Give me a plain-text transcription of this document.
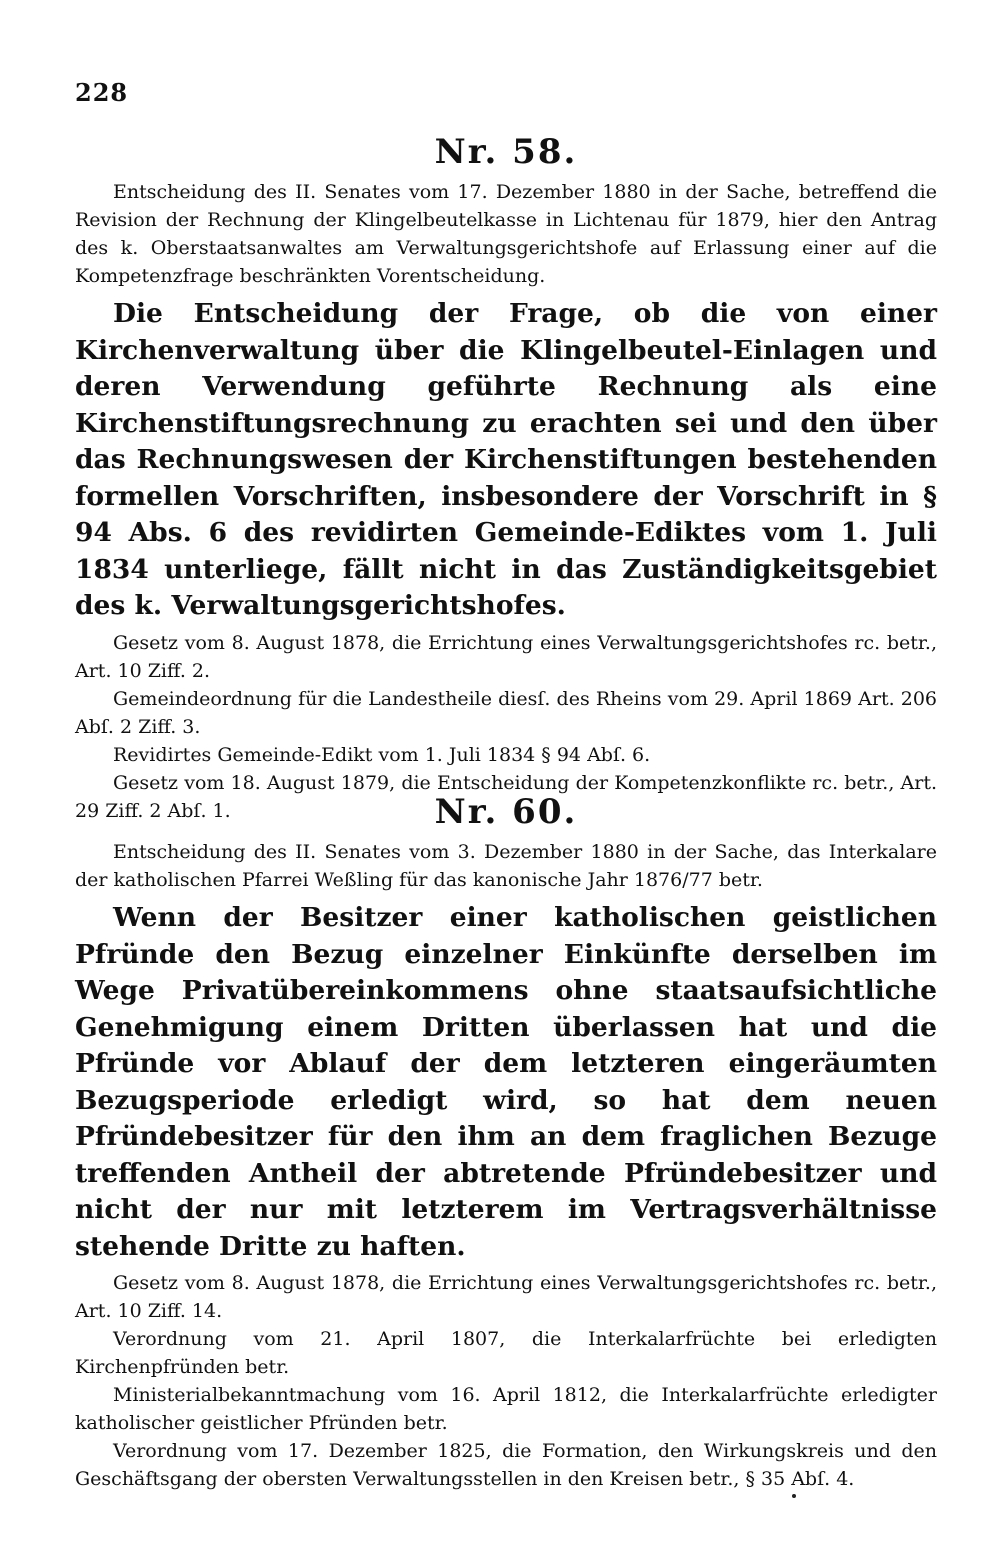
228
Nr. 58.

Entscheidung des II. Senates vom 17. Dezember 1880 in der Sache, betreffend die Revision der Rechnung der Klingelbeutelkasse in Lichtenau für 1879, hier den Antrag des k. Oberstaatsanwaltes am Verwaltungsgerichtshofe auf Erlassung einer auf die Kompetenzfrage beschränkten Vorentscheidung.

Die Entscheidung der Frage, ob die von einer Kirchenverwaltung über die Klingelbeutel-Einlagen und deren Verwendung geführte Rechnung als eine Kirchenstiftungsrechnung zu erachten sei und den über das Rechnungswesen der Kirchenstiftungen bestehenden formellen Vorschriften, insbesondere der Vorschrift in § 94 Abs. 6 des revidirten Gemeinde-Ediktes vom 1. Juli 1834 unterliege, fällt nicht in das Zuständigkeitsgebiet des k. Verwaltungsgerichtshofes.

Gesetz vom 8. August 1878, die Errichtung eines Verwaltungsgerichtshofes rc. betr., Art. 10 Ziff. 2.

Gemeindeordnung für die Landestheile diesſ. des Rheins vom 29. April 1869 Art. 206 Abſ. 2 Ziff. 3.

Revidirtes Gemeinde-Edikt vom 1. Juli 1834 § 94 Abſ. 6.

Gesetz vom 18. August 1879, die Entscheidung der Kompetenzkonflikte rc. betr., Art. 29 Ziff. 2 Abſ. 1.	Nr. 60.

Entscheidung des II. Senates vom 3. Dezember 1880 in der Sache, das Interkalare der katholischen Pfarrei Weßling für das kanonische Jahr 1876/77 betr.

Wenn der Besitzer einer katholischen geistlichen Pfründe den Bezug einzelner Einkünfte derselben im Wege Privatübereinkommens ohne staatsaufsichtliche Genehmigung einem Dritten überlassen hat und die Pfründe vor Ablauf der dem letzteren eingeräumten Bezugsperiode erledigt wird, so hat dem neuen Pfründebesitzer für den ihm an dem fraglichen Bezuge treffenden Antheil der abtretende Pfründebesitzer und nicht der nur mit letzterem im Vertragsverhältnisse stehende Dritte zu haften.

Gesetz vom 8. August 1878, die Errichtung eines Verwaltungsgerichtshofes rc. betr., Art. 10 Ziff. 14.

Verordnung vom 21. April 1807, die Interkalarfrüchte bei erledigten Kirchenpfründen betr.

Ministerialbekanntmachung vom 16. April 1812, die Interkalarfrüchte erledigter katholischer geistlicher Pfründen betr.

Verordnung vom 17. Dezember 1825, die Formation, den Wirkungskreis und den Geschäftsgang der obersten Verwaltungsstellen in den Kreisen betr., § 35 Abſ. 4.
